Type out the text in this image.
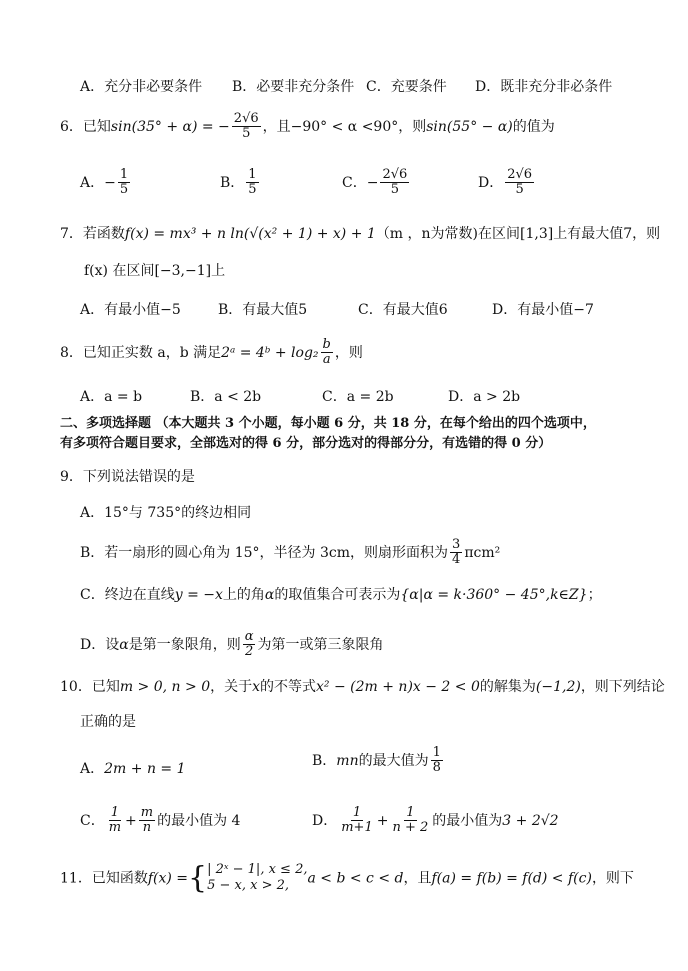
A．充分非必要条件 B．必要非充分条件 C．充要条件 D．既非充分非必条件
6．已知sin(35° + α) = − $\frac{2√6}{5}$ ，且−90° < α <90°，则sin(55° − α)的值为
A．− $\frac{1}{5}$	B． $\frac{1}{5}$	C．− $\frac{2√6}{5}$	D． $\frac{2√6}{5}$
7．若函数f(x) = mx³ + n ln(√(x² + 1) + x) + 1（m ，n为常数)在区间[1,3]上有最大值7，则
f(x) 在区间[−3,−1]上
A．有最小值−5	B．有最大值5	C．有最大值6	D．有最小值−7
8．已知正实数 a，b 满足2ᵃ = 4ᵇ + $\log_2 \frac{b}{a}$ ，则
A．a = b	B．a < 2b	C．a = 2b	D．a > 2b
二、多项选择题 （本大题共 3 个小题，每小题 6 分，共 18 分，在每个给出的四个选项中，
有多项符合题目要求，全部选对的得 6 分，部分选对的得部分分，有选错的得 0 分）
9．下列说法错误的是
A．15°与 735°的终边相同
B．若一扇形的圆心角为 15°，半径为 3cm，则扇形面积为 $\frac{3}{4} \pi cm^2$
C．终边在直线y = −x上的角α的取值集合可表示为{α|α = k·360° − 45°,k∈Z}；
D．设α是第一象限角，则 $\frac{\alpha}{2}$ 为第一或第三象限角
10．已知m > 0, n > 0，关于x的不等式x² − (2m + n)x − 2 < 0的解集为(−1,2)，则下列结论
正确的是
A．2m + n = 1
B．mn的最大值为 $\frac{1}{8}$
C． $\frac{1}{m} + \frac{m}{n}$ 的最小值为 4	D． $\frac{1}{m+1} + \frac{1}{n + 2}$ 的最小值为3 + 2√2
11．已知函数f(x) ={ | 2ˣ − 1|, x ≤ 2,
5 − x, x > 2,	a < b < c < d，且f(a) = f(b) = f(d) < f(c)，则下
